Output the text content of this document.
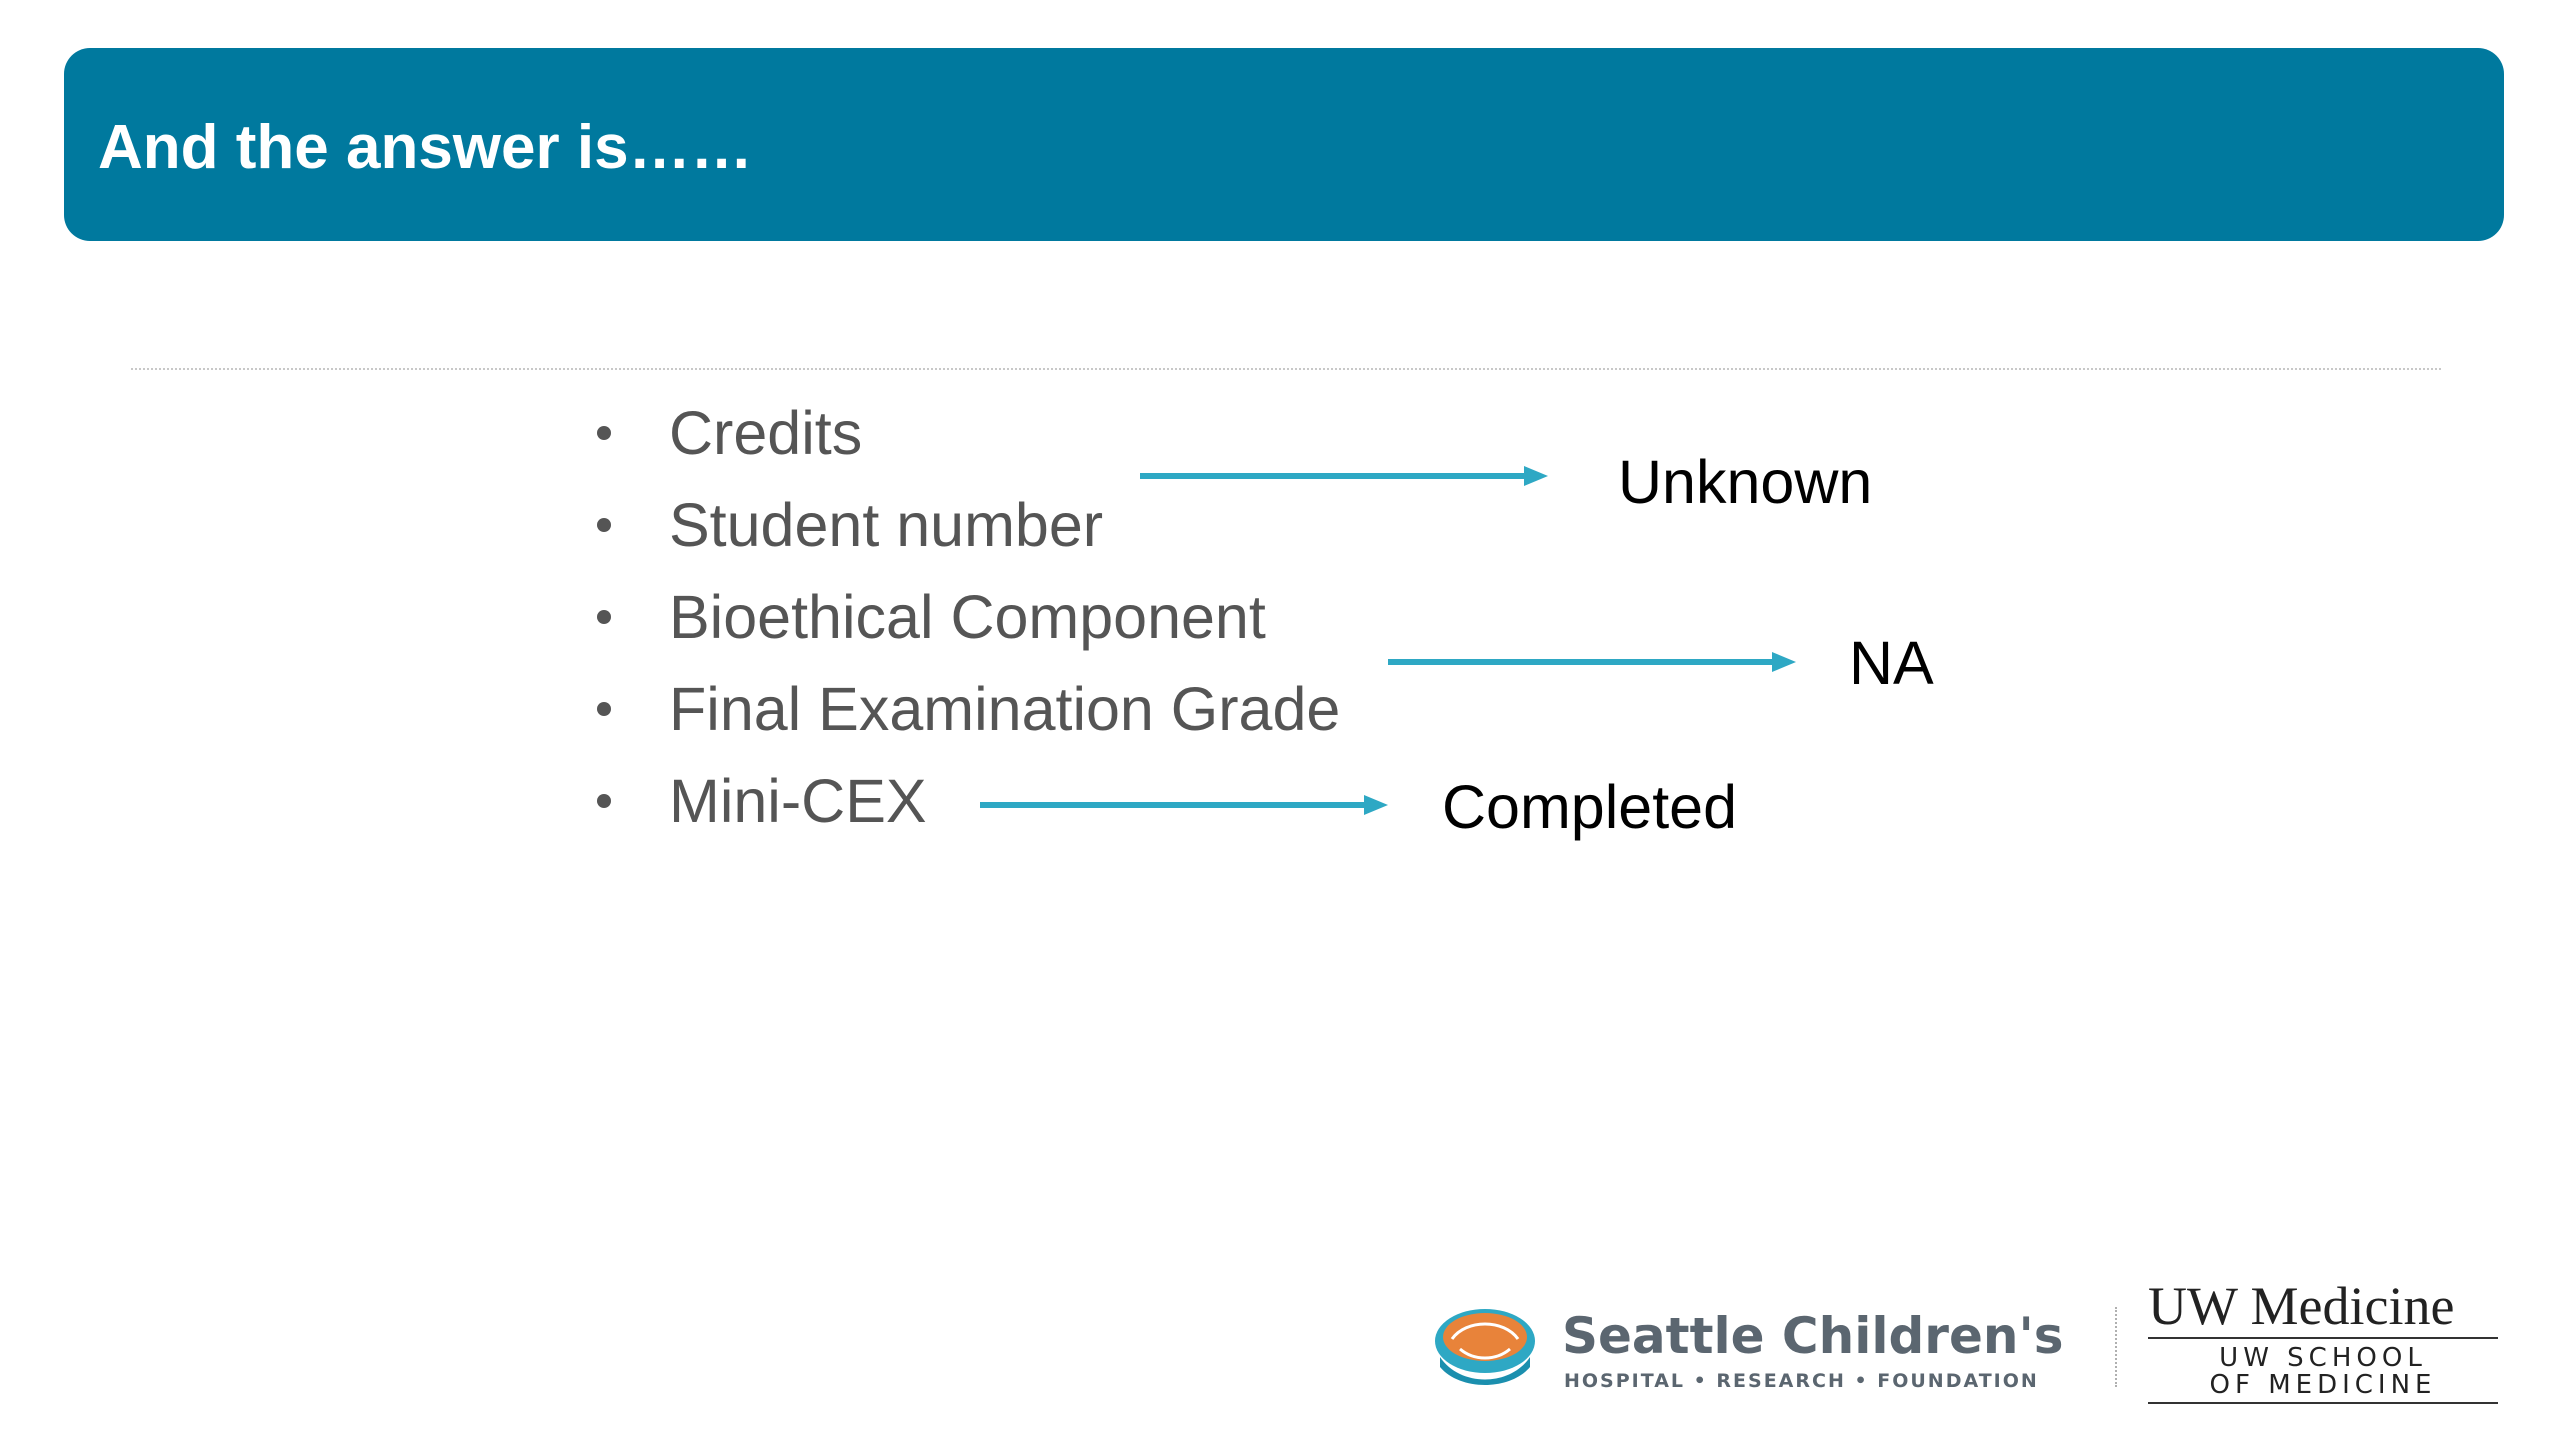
And the answer is……
Credits
Student number
Bioethical Component
Final Examination Grade
Mini-CEX
Unknown
NA
Completed
Seattle Children's
HOSPITAL • RESEARCH • FOUNDATION
UW Medicine
UW SCHOOL
OF MEDICINE
